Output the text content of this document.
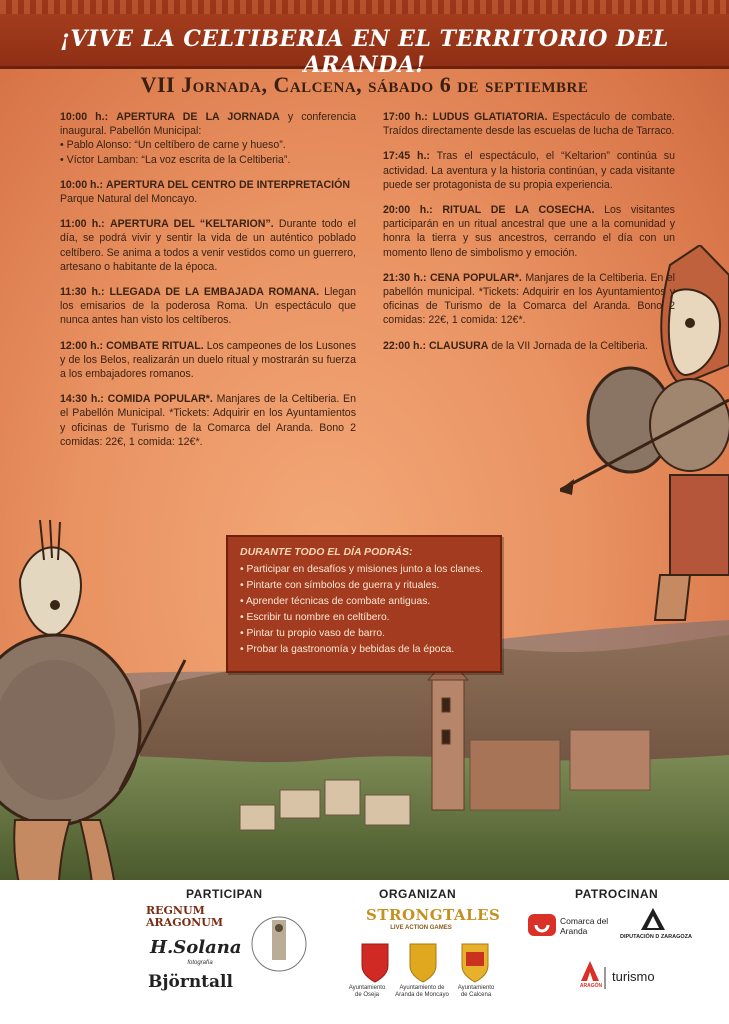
¡VIVE LA CELTIBERIA EN EL TERRITORIO DEL ARANDA!
VII Jornada, Calcena, sábado 6 de septiembre
10:00 h.: APERTURA DE LA JORNADA y conferencia inaugural. Pabellón Municipal:
• Pablo Alonso: “Un celtíbero de carne y hueso”.
• Víctor Lamban: “La voz escrita de la Celtiberia”.
10:00 h.: APERTURA DEL CENTRO DE INTERPRETACIÓN
Parque Natural del Moncayo.
11:00 h.: APERTURA DEL “KELTARION”. Durante todo el día, se podrá vivir y sentir la vida de un auténtico poblado celtíbero. Se anima a todos a venir vestidos como un guerrero, artesano o habitante de la época.
11:30 h.: LLEGADA DE LA EMBAJADA ROMANA. Llegan los emisarios de la poderosa Roma. Un espectáculo que nunca antes han visto los celtíberos.
12:00 h.: COMBATE RITUAL. Los campeones de los Lusones y de los Belos, realizarán un duelo ritual y mostrarán su fuerza a los embajadores romanos.
14:30 h.: COMIDA POPULAR*. Manjares de la Celtiberia. En el Pabellón Municipal. *Tickets: Adquirir en los Ayuntamientos y oficinas de Turismo de la Comarca del Aranda. Bono 2 comidas: 22€, 1 comida: 12€*.
17:00 h.: LUDUS GLATIATORIA. Espectáculo de combate. Traídos directamente desde las escuelas de lucha de Tarraco.
17:45 h.: Tras el espectáculo, el “Keltarion” continúa su actividad. La aventura y la historia continúan, y cada visitante puede ser protagonista de su propia experiencia.
20:00 h.: RITUAL DE LA COSECHA. Los visitantes participarán en un ritual ancestral que une a la comunidad y honra la tierra y sus ancestros, cerrando el día con un momento lleno de simbolismo y emoción.
21:30 h.: CENA POPULAR*. Manjares de la Celtiberia. En el pabellón municipal. *Tickets: Adquirir en los Ayuntamientos y oficinas de Turismo de la Comarca del Aranda. Bono 2 comidas: 22€, 1 comida: 12€*.
22:00 h.: CLAUSURA de la VII Jornada de la Celtiberia.
DURANTE TODO EL DÍA PODRÁS:
• Participar en desafíos y misiones junto a los clanes.
• Pintarte con símbolos de guerra y rituales.
• Aprender técnicas de combate antiguas.
• Escribir tu nombre en celtíbero.
• Pintar tu propio vaso de barro.
• Probar la gastronomía y bebidas de la época.
PARTICIPAN	ORGANIZAN	PATROCINAN
REGNUM ARAGONUM
H.Solana
fotografía
Björntall
STRONGTALES
LIVE ACTION GAMES
Ayuntamiento de Oseja
Ayuntamiento de Aranda de Moncayo
Ayuntamiento de Calcena
Comarca del Aranda
DIPUTACIÓN D ZARAGOZA
ARAGÓN
turismo
